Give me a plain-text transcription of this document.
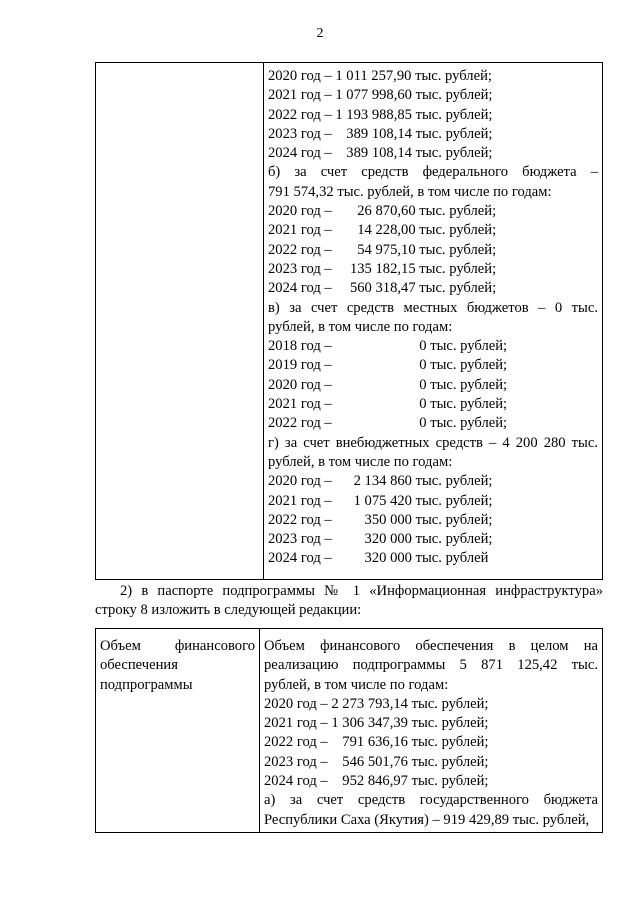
2
2020 год – 1 011 257,90 тыс. рублей;
2021 год – 1 077 998,60 тыс. рублей;
2022 год – 1 193 988,85 тыс. рублей;
2023 год –    389 108,14 тыс. рублей;
2024 год –    389 108,14 тыс. рублей;
б) за счет средств федерального бюджета –
791 574,32 тыс. рублей, в том числе по годам:
2020 год –       26 870,60 тыс. рублей;
2021 год –       14 228,00 тыс. рублей;
2022 год –       54 975,10 тыс. рублей;
2023 год –     135 182,15 тыс. рублей;
2024 год –     560 318,47 тыс. рублей;
в) за счет средств местных бюджетов – 0 тыс.
рублей, в том числе по годам:
2018 год –                        0 тыс. рублей;
2019 год –                        0 тыс. рублей;
2020 год –                        0 тыс. рублей;
2021 год –                        0 тыс. рублей;
2022 год –                        0 тыс. рублей;
г) за счет внебюджетных средств – 4 200 280 тыс.
рублей, в том числе по годам:
2020 год –      2 134 860 тыс. рублей;
2021 год –      1 075 420 тыс. рублей;
2022 год –         350 000 тыс. рублей;
2023 год –         320 000 тыс. рублей;
2024 год –         320 000 тыс. рублей
2) в паспорте подпрограммы № 1 «Информационная инфраструктура»
строку 8 изложить в следующей редакции:
Объем финансового
обеспечения
подпрограммы
Объем финансового обеспечения в целом на
реализацию подпрограммы 5 871 125,42 тыс.
рублей, в том числе по годам:
2020 год – 2 273 793,14 тыс. рублей;
2021 год – 1 306 347,39 тыс. рублей;
2022 год –    791 636,16 тыс. рублей;
2023 год –    546 501,76 тыс. рублей;
2024 год –    952 846,97 тыс. рублей;
а) за счет средств государственного бюджета
Республики Саха (Якутия) – 919 429,89 тыс. рублей,
